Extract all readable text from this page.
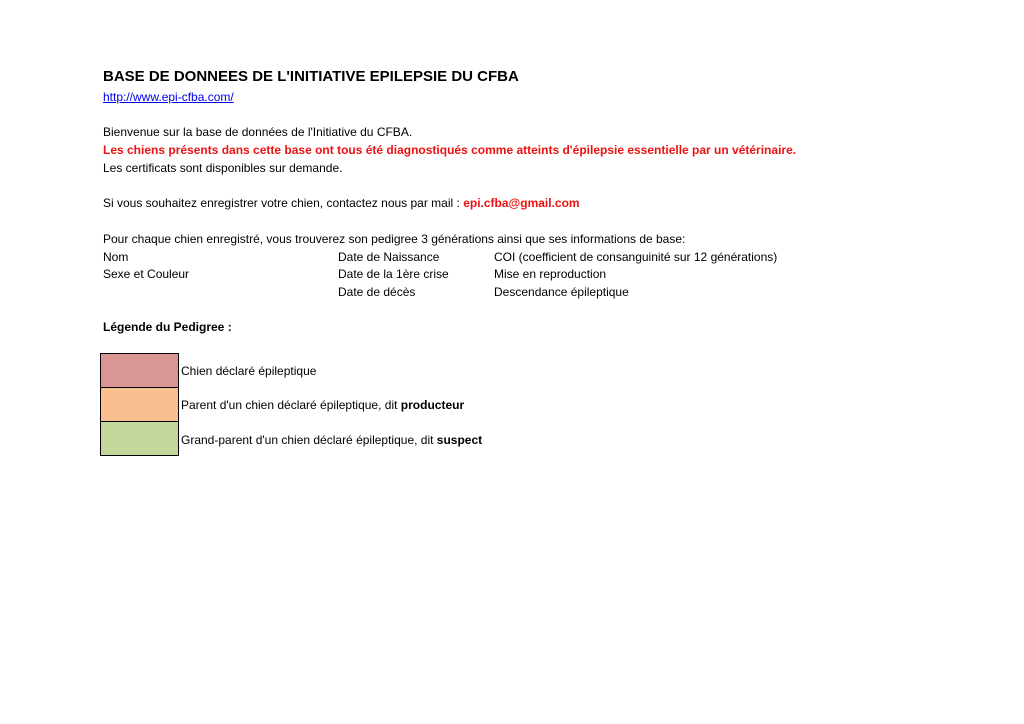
BASE DE DONNEES DE L'INITIATIVE EPILEPSIE DU CFBA
http://www.epi-cfba.com/
Bienvenue sur la base de données de l'Initiative du CFBA.
Les chiens présents dans cette base ont tous été diagnostiqués comme atteints d'épilepsie essentielle par un vétérinaire.
Les certificats sont disponibles sur demande.
Si vous souhaitez enregistrer votre chien, contactez nous par mail : epi.cfba@gmail.com
Pour chaque chien enregistré, vous trouverez son pedigree 3 générations ainsi que ses informations de base:
Nom
Sexe et Couleur
Date de Naissance
Date de la 1ère crise
Date de décès
COI (coefficient de consanguinité sur 12 générations)
Mise en reproduction
Descendance épileptique
Légende du Pedigree :
Chien déclaré épileptique
Parent d'un chien déclaré épileptique, dit producteur
Grand-parent d'un chien déclaré épileptique, dit suspect
